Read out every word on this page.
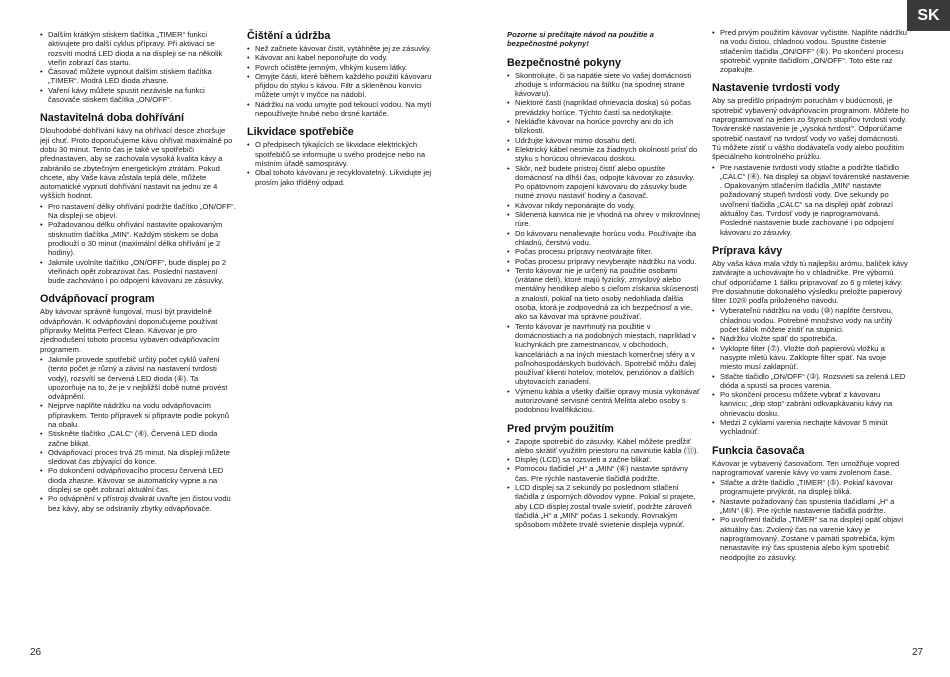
SK
• Dalším krátkým stiskem tlačítka „TIMER“ funkci aktivujete pro další cyklus přípravy. Při aktivaci se rozsvítí modrá LED dioda a na displeji se na několik vteřin zobrazí čas startu.
• Časovač můžete vypnout dalším stiskem tlačítka „TIMER“. Modrá LED dioda zhasne.
• Vaření kávy můžete spustit nezávisle na funkci časovače stiskem tlačítka „ON/OFF“.
Nastavitelná doba dohřívání

Dlouhodobé dohřívání kávy na ohřívací desce zhoršuje její chuť. Proto doporučujeme kávu ohřívat maximálně po dobu 30 minut. Tento čas je také ve spotřebiči přednastaven, aby se zachovala vysoká kvalita kávy a zabránilo se zbytečným energetickým ztrátám. Pokud chcete, aby Vaše káva zůstala teplá déle, můžete automatické vypnutí dohřívání nastavit na jednu ze 4 vyšších hodnot.

• Pro nastavení délky ohřívání podržte tlačítko „ON/OFF“. Na displeji se objeví.
• Požadovanou délku ohřívání nastavíte opakovaným stisknutím tlačítka „MIN“. Každým stiskem se doba prodlouží o 30 minut (maximální délka ohřívání je 2 hodiny).
• Jakmile uvolníte tlačítko „ON/OFF“, bude displej po 2 vteřinách opět zobrazovat čas. Poslední nastavení bude zachováno i po odpojení kávovaru ze zásuvky.
Odvápňovací program

Aby kávovar správně fungoval, musí být pravidelně odvápňován. K odvápňování doporučujeme používat přípravky Melitta Perfect Clean. Kávovar je pro zjednodušení tohoto procesu vybaven odvápňovacím programem.

• Jakmile provede spotřebič určitý počet cyklů vaření (tento počet je různý a závisí na nastavení tvrdosti vody), rozsvítí se červená LED dioda (⑥). Ta upozorňuje na to, že je v nejbližší době nutné provést odvápnění.
• Nejprve naplňte nádržku na vodu odvápňovacím přípravkem. Tento přípravek si připravte podle pokynů na obalu.
• Stiskněte tlačítko „CALC“ (④). Červená LED dioda začne blikat.
• Odvápňovací proces trvá 25 minut. Na displeji můžete sledovat čas zbývající do konce.
• Po dokončení odvápňovacího procesu červená LED dioda zhasne. Kávovar se automaticky vypne a na displeji se opět zobrazí aktuální čas.
• Po odvápnění v přístroji dvakrát uvařte jen čistou vodu bez kávy, aby se odstranily zbytky odvápňovače.
Čištění a údržba
• Než začnete kávovar čistit, vytáhněte jej ze zásuvky.
• Kávovar ani kabel neponořujte do vody.
• Povrch očistěte jemným, vlhkým kusem látky.
• Omyjte části, které během každého použití kávovaru přijdou do styku s kávou. Filtr a skleněnou konvici můžete umýt v myčce na nádobí.
• Nádržku na vodu umyjte pod tekoucí vodou. Na mytí nepoužívejte hrubé nebo drsné kartáče.
Likvidace spotřebiče
• O předpisech týkajících se likvidace elektrických spotřebičů se informujte u svého prodejce nebo na místním úřadě samosprávy.
• Obal tohoto kávovaru je recyklovatelný. Likvidujte jej prosím jako tříděný odpad.

Pozorne si prečítajte návod na použitie a bezpečnostné pokyny!

Bezpečnostné pokyny
• Skontrolujte, či sa napätie siete vo vašej domácnosti zhoduje s informáciou na štítku (na spodnej strane kávovaru).
• Niektoré časti (napríklad ohrievacia doska) sú počas prevádzky horúce. Týchto častí sa nedotýkajte.
• Nekláďte kávovar na horúce povrchy ani do ich blízkosti.
• Udržujte kávovar mimo dosahu detí.
• Elektrický kábel nesmie za žiadnych okolností prísť do styku s horúcou ohrievacou doskou.
• Skôr, než budete prístroj čistiť alebo opustíte domácnosť na dlhší čas, odpojte kávovar zo zásuvky. Po opätovnom zapojení kávovaru do zásuvky bude nutné znovu nastaviť hodiny a časovač.
• Kávovar nikdy neponárajte do vody.
• Sklenená kanvica nie je vhodná na ohrev v mikrovlnnej rúre.
• Do kávovaru nenalievajte horúcu vodu. Používajte iba chladnú, čerstvú vodu.
• Počas procesu prípravy neotvárajte filter.
• Počas procesu prípravy nevyberajte nádržku na vodu.
• Tento kávovar nie je určený na použitie osobami (vrátane detí), ktoré majú fyzický, zmyslový alebo mentálny hendikep alebo s cieľom získania skúseností a znalostí, pokiaľ na tieto osoby nedohliada ďalšia osoba, ktorá je zodpovedná za ich bezpečnosť a vie, ako sa kávovar má správne používať.
• Tento kávovar je navrhnutý na použitie v domácnostiach a na podobných miestach, napríklad v kuchynkách pre zamestnancov, v obchodoch, kanceláriách a na iných miestach komerčnej sféry a v poľnohospodárskych budovách. Spotrebič môžu ďalej používať klienti hotelov, motelov, penziónov a ďalších ubytovacích zariadení.
• Výmenu kábla a všetky ďalšie opravy musia vykonávať autorizované servisné centrá Melitta alebo osoby s podobnou kvalifikáciou.
Pred prvým použitím
• Zapojte spotrebič do zásuvky. Kábel môžete predĺžiť alebo skrátiť využitím priestoru na navinutie kábla (⑪).
• Displej (LCD) sa rozsvieti a začne blikať.
• Pomocou tlačidiel „H“ a „MIN“ (⑥) nastavte správny čas. Pre rýchle nastavenie tlačidlá podržte.
• LCD displej sa 2 sekundy po poslednom stlačení tlačidla z úsporných dôvodov vypne. Pokiaľ si prajete, aby LCD displej zostal trvale svietiť, podržte zároveň tlačidlá „H“ a „MIN“ počas 1 sekundy. Rovnakým spôsobom môžete trvalé svietenie displeja vypnúť.
• Pred prvým použitím kávovar vyčistite. Naplňte nádržku na vodu čistou, chladnou vodou. Spustite čistenie stlačením tlačidla „ON/OFF“ (⑥). Po skončení procesu spotrebič vypnite tlačidlom „ON/OFF“. Toto ešte raz zopakujte.
Nastavenie tvrdosti vody

Aby sa predišlo prípadným poruchám v budúcnosti, je spotrebič vybavený odvápňovacím programom. Môžete ho naprogramovať na jeden zo štyroch stupňov tvrdosti vody. Továrenské nastavenie je „vysoká tvrdosť“. Odporúčame spotrebič nastaviť na tvrdosť vody vo vašej domácnosti. Tú môžete zistiť u vášho dodávateľa vody alebo použitím špeciálneho kontrolného prúžku.

• Pre nastavenie tvrdosti vody stlačte a podržte tlačidlo „CALC“ (④). Na displeji sa objaví továrenské nastavenie . Opakovaným stlačením tlačidla „MIN“ nastavte požadovaný stupeň tvrdosti vody. Dve sekundy po uvoľnení tlačidla „CALC“ sa na displeji opäť zobrazí aktuálny čas. Tvrdosť vody je naprogramovaná. Posledné nastavenie bude zachované i po odpojení kávovaru zo zásuvky.
Príprava kávy

Aby vaša káva mala vždy tú najlepšiu arómu, balíček kávy zatvárajte a uchovávajte ho v chladničke. Pre výbornú chuť odporúčame 1 šálku pripravovať zo 6 g mletej kávy. Pre dosiahnutie dokonalého výsledku preložte papierový filter 102® podľa priloženého návodu.

• Vyberateľnú nádržku na vodu (⑩) naplňte čerstvou, chladnou vodou. Potrebné množstvo vody na určitý počet šálok môžete zistiť na stupnici.
• Nádržku vložte späť do spotrebiča.
• Vyklopte filter (⑦). Vložte doň papierovú vložku a nasypte mletú kávu. Zaklopte filter späť. Na svoje miesto musí zaklapnúť.
• Stlačte tlačidlo „ON/OFF“ (③). Rozsvieti sa zelená LED dióda a spustí sa proces varenia.
• Po skončení procesu môžete vybrať z kávovaru kanvicu; „drip stop“ zabráni odkvapkávaniu kávy na ohrievaciu dosku.
• Medzi 2 cyklami varenia nechajte kávovar 5 minút vychladnúť.
Funkcia časovača

Kávovar je vybavený časovačom. Ten umožňuje vopred naprogramovať varenie kávy vo vami zvolenom čase.

• Stlačte a držte tlačidlo „TIMER“ (⑤). Pokiaľ kávovar programujete prvýkrát, na displeji bliká.
• Nastavte požadovaný čas spustenia tlačidlami „H“ a „MIN“ (⑥). Pre rýchle nastavenie tlačidlá podržte.
• Po uvoľnení tlačidla „TIMER“ sa na displeji opäť objaví aktuálny čas. Zvolený čas na varenie kávy je naprogramovaný. Zostane v pamäti spotrebiča, kým nenastavíte iný čas spustenia alebo kým spotrebič neodpojíte zo zásuvky.
26	27
